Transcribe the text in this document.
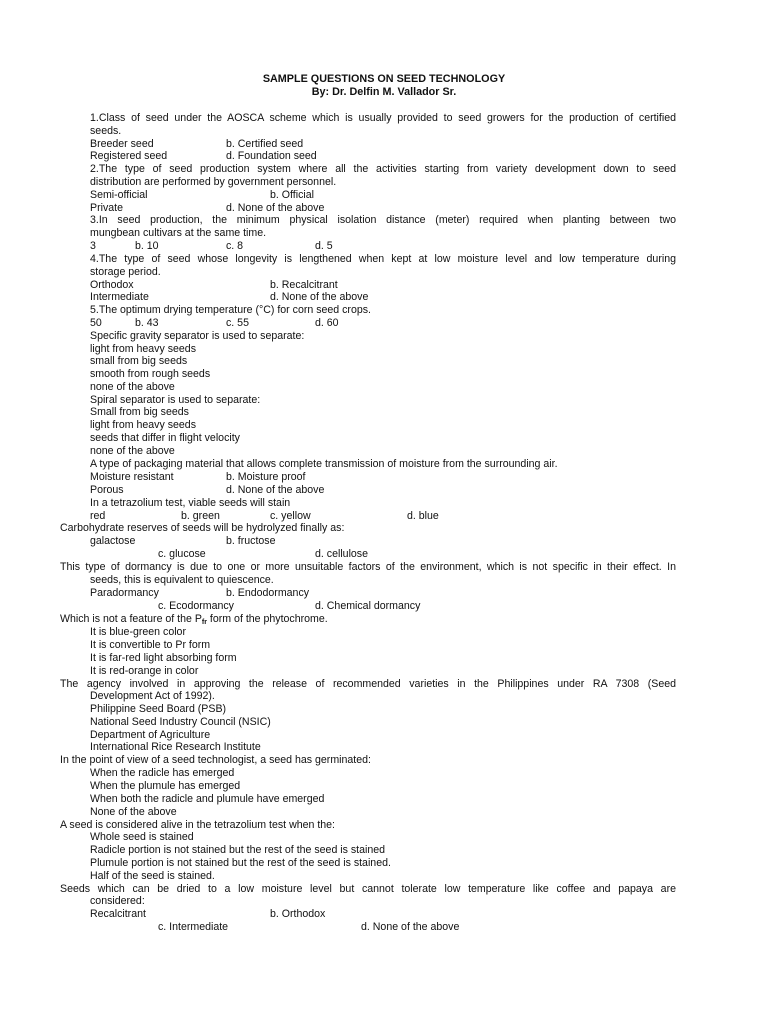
SAMPLE QUESTIONS ON SEED TECHNOLOGY
By: Dr. Delfin M. Vallador Sr.
1.Class of seed under the AOSCA scheme which is usually provided to seed growers for the production of certified
seeds.
Breeder seed	b. Certified seed
Registered seed	d. Foundation seed
2.The type of seed production system where all the activities starting from variety development down to seed
distribution are performed by government personnel.
Semi-official	b. Official
Private	d. None of the above
3.In seed production, the minimum physical isolation distance (meter) required when planting between two
mungbean cultivars at the same time.
3	b. 10	c. 8	d. 5
4.The type of seed whose longevity is lengthened when kept at low moisture level and low temperature during
storage period.
Orthodox	b. Recalcitrant
Intermediate	d. None of the above
5.The optimum drying temperature (°C) for corn seed crops.
50	b. 43	c. 55	d. 60
Specific gravity separator is used to separate:
light from heavy seeds
small from big seeds
smooth from rough seeds
none of the above
Spiral separator is used to separate:
Small from big seeds
light from heavy seeds
seeds that differ in flight velocity
none of the above
A type of packaging material that allows complete transmission of moisture from the surrounding air.
Moisture resistant	b. Moisture proof
Porous	d. None of the above
In a tetrazolium test, viable seeds will stain
red	b. green	c. yellow	d. blue
Carbohydrate reserves of seeds will be hydrolyzed finally as:
galactose	b. fructose
c. glucose	d. cellulose
This type of dormancy is due to one or more unsuitable factors of the environment, which is not specific in their effect. In
seeds, this is equivalent to quiescence.
Paradormancy	b. Endodormancy
c. Ecodormancy	d. Chemical dormancy
Which is not a feature of the $P_{fr}$ form of the phytochrome.
It is blue-green color
It is convertible to Pr form
It is far-red light absorbing form
It is red-orange in color
The agency involved in approving the release of recommended varieties in the Philippines under RA 7308 (Seed
Development Act of 1992).
Philippine Seed Board (PSB)
National Seed Industry Council (NSIC)
Department of Agriculture
International Rice Research Institute
In the point of view of a seed technologist, a seed has germinated:
When the radicle has emerged
When the plumule has emerged
When both the radicle and plumule have emerged
None of the above
A seed is considered alive in the tetrazolium test when the:
Whole seed is stained
Radicle portion is not stained but the rest of the seed is stained
Plumule portion is not stained but the rest of the seed is stained.
Half of the seed is stained.
Seeds which can be dried to a low moisture level but cannot tolerate low temperature like coffee and papaya are
considered:
Recalcitrant	b. Orthodox
c. Intermediate	d. None of the above
